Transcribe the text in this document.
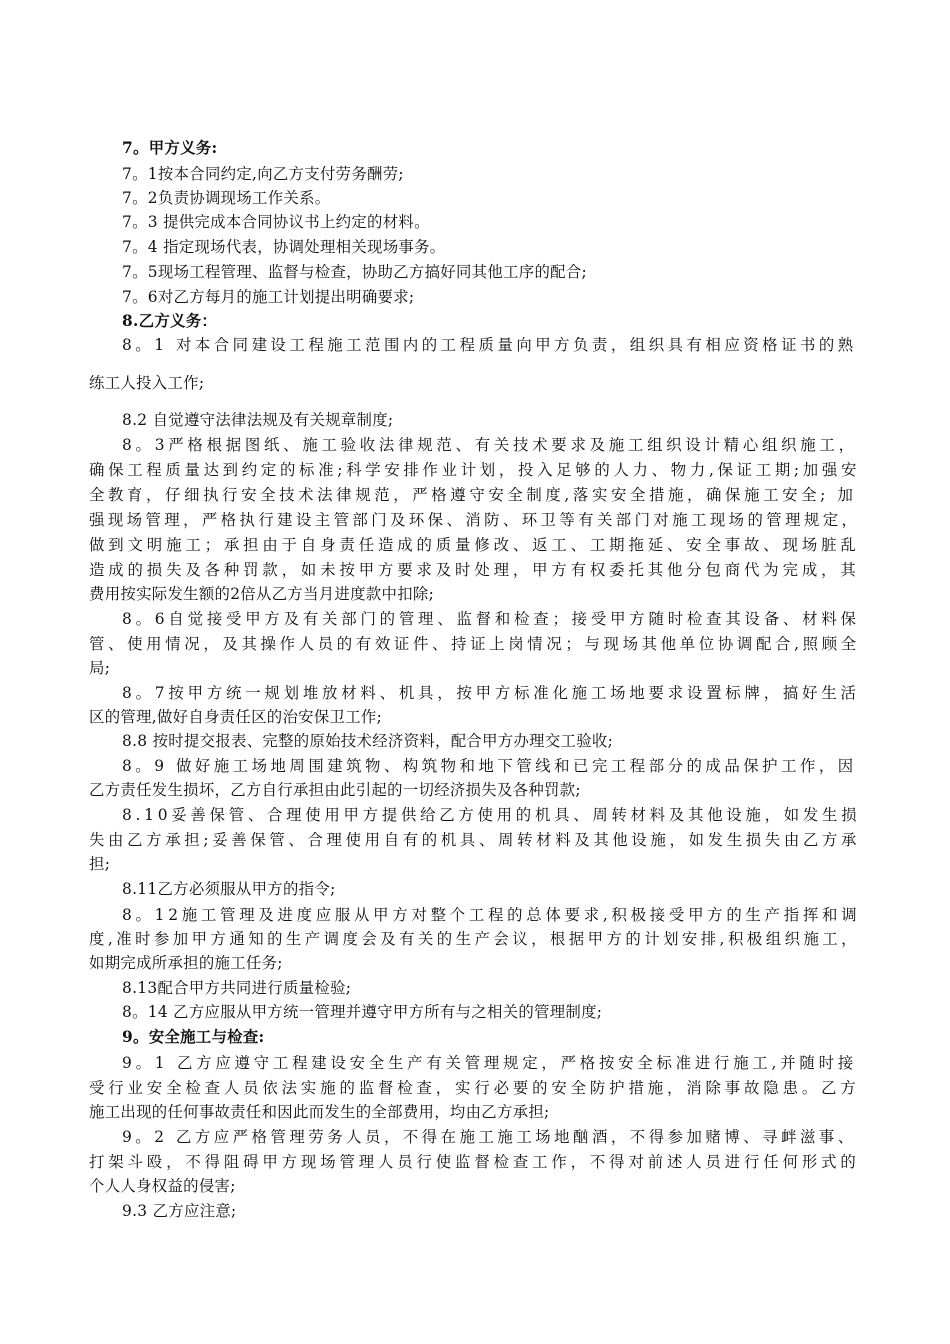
7。甲方义务:
7。1按本合同约定,向乙方支付劳务酬劳;
7。2负责协调现场工作关系。
7。3 提供完成本合同协议书上约定的材料。
7。4 指定现场代表，协调处理相关现场事务。
7。5现场工程管理、监督与检查，协助乙方搞好同其他工序的配合;
7。6对乙方每月的施工计划提出明确要求;
8.乙方义务：
8。1 对本合同建设工程施工范围内的工程质量向甲方负责，组织具有相应资格证书的熟
练工人投入工作;
8.2 自觉遵守法律法规及有关规章制度;
8。3严格根据图纸、施工验收法律规范、有关技术要求及施工组织设计精心组织施工，
确保工程质量达到约定的标准;科学安排作业计划，投入足够的人力、物力,保证工期;加强安
全教育，仔细执行安全技术法律规范，严格遵守安全制度,落实安全措施，确保施工安全; 加
强现场管理，严格执行建设主管部门及环保、消防、环卫等有关部门对施工现场的管理规定，
做到文明施工；承担由于自身责任造成的质量修改、返工、工期拖延、安全事故、现场脏乱
造成的损失及各种罚款，如未按甲方要求及时处理，甲方有权委托其他分包商代为完成，其
费用按实际发生额的2倍从乙方当月进度款中扣除;
8。6自觉接受甲方及有关部门的管理、监督和检查；接受甲方随时检查其设备、材料保
管、使用情况，及其操作人员的有效证件、持证上岗情况；与现场其他单位协调配合,照顾全
局;
8。7按甲方统一规划堆放材料、机具，按甲方标准化施工场地要求设置标牌，搞好生活
区的管理,做好自身责任区的治安保卫工作;
8.8 按时提交报表、完整的原始技术经济资料，配合甲方办理交工验收;
8。9 做好施工场地周围建筑物、构筑物和地下管线和已完工程部分的成品保护工作，因
乙方责任发生损坏，乙方自行承担由此引起的一切经济损失及各种罚款;
8.10妥善保管、合理使用甲方提供给乙方使用的机具、周转材料及其他设施，如发生损
失由乙方承担;妥善保管、合理使用自有的机具、周转材料及其他设施，如发生损失由乙方承
担;
8.11乙方必须服从甲方的指令;
8。12施工管理及进度应服从甲方对整个工程的总体要求,积极接受甲方的生产指挥和调
度,准时参加甲方通知的生产调度会及有关的生产会议，根据甲方的计划安排,积极组织施工，
如期完成所承担的施工任务;
8.13配合甲方共同进行质量检验;
8。14 乙方应服从甲方统一管理并遵守甲方所有与之相关的管理制度;
9。安全施工与检查:
9。1 乙方应遵守工程建设安全生产有关管理规定，严格按安全标准进行施工,并随时接
受行业安全检查人员依法实施的监督检查，实行必要的安全防护措施，消除事故隐患。乙方
施工出现的任何事故责任和因此而发生的全部费用，均由乙方承担;
9。2 乙方应严格管理劳务人员，不得在施工施工场地酗酒，不得参加赌博、寻衅滋事、
打架斗殴，不得阻碍甲方现场管理人员行使监督检查工作，不得对前述人员进行任何形式的
个人人身权益的侵害;
9.3 乙方应注意;
